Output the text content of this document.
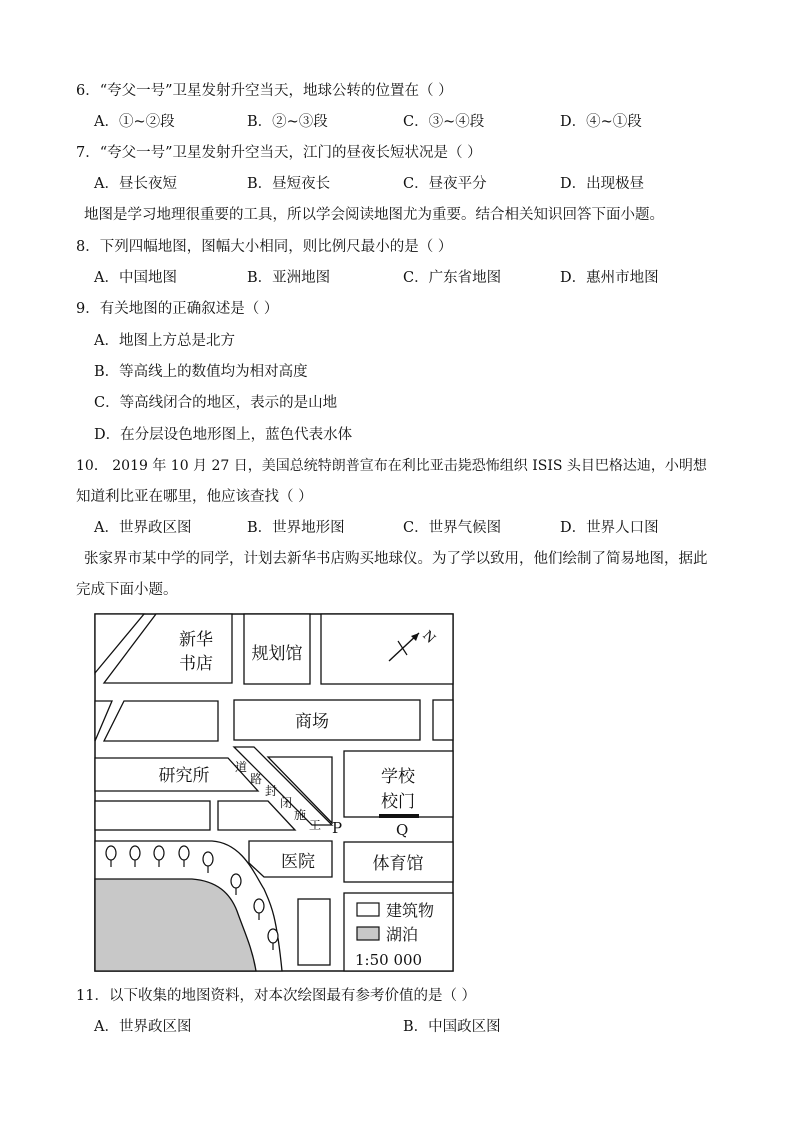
6．“夸父一号”卫星发射升空当天，地球公转的位置在（ ）
A．①~②段	B．②~③段	C．③~④段	D．④~①段
7．“夸父一号”卫星发射升空当天，江门的昼夜长短状况是（ ）
A．昼长夜短	B．昼短夜长	C．昼夜平分	D．出现极昼
地图是学习地理很重要的工具，所以学会阅读地图尤为重要。结合相关知识回答下面小题。
8．下列四幅地图，图幅大小相同，则比例尺最小的是（ ）
A．中国地图	B．亚洲地图	C．广东省地图	D．惠州市地图
9．有关地图的正确叙述是（ ）
A．地图上方总是北方
B．等高线上的数值均为相对高度
C．等高线闭合的地区，表示的是山地
D．在分层设色地形图上，蓝色代表水体
10． 2019 年 10 月 27 日，美国总统特朗普宣布在利比亚击毙恐怖组织 ISIS 头目巴格达迪，小明想
知道利比亚在哪里，他应该查找（ ）
A．世界政区图	B．世界地形图	C．世界气候图	D．世界人口图
张家界市某中学的同学，计划去新华书店购买地球仪。为了学以致用，他们绘制了简易地图，据此
完成下面小题。
新华
书店 规划馆
N
商场
研究所 道
路
封
闭
施
工
学校
校门
P	Q
医院	体育馆
建筑物
湖泊
1:50 000
11．以下收集的地图资料，对本次绘图最有参考价值的是（ ）
A．世界政区图	B．中国政区图
